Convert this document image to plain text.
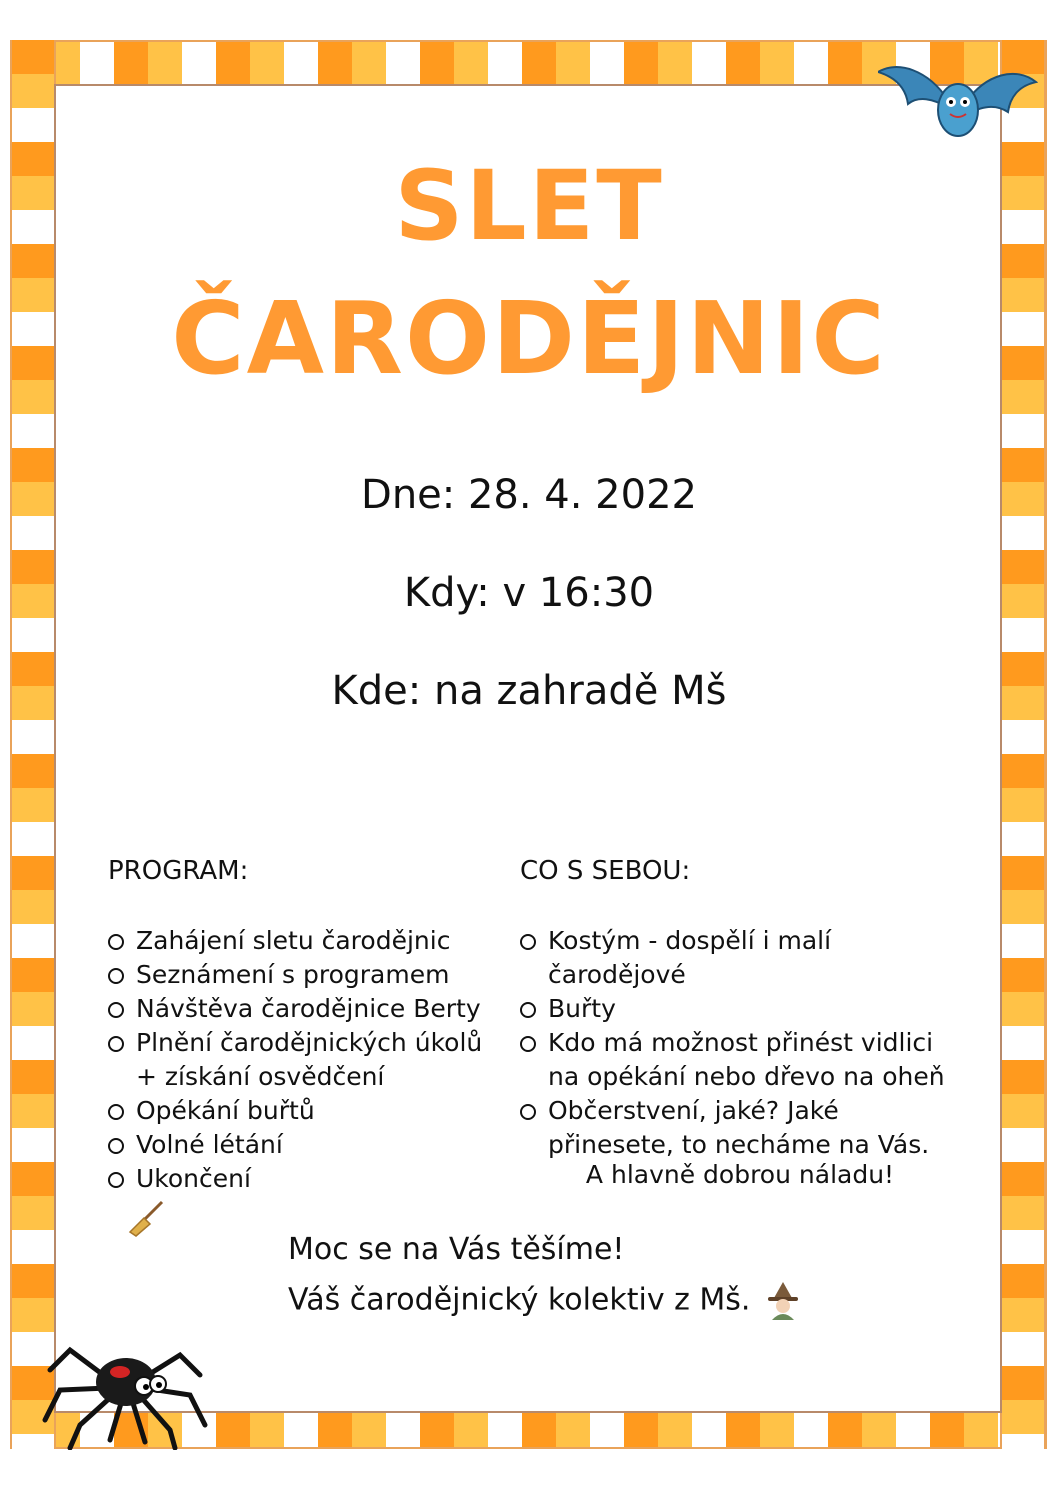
SLET
ČARODĚJNIC
Dne: 28. 4. 2022
Kdy: v 16:30
Kde: na zahradě Mš
PROGRAM:
Zahájení sletu čarodějnic
Seznámení s programem
Návštěva čarodějnice Berty
Plnění čarodějnických úkolů + získání osvědčení
Opékání buřtů
Volné létání
Ukončení
CO S SEBOU:
Kostým - dospělí i malí čarodějové
Buřty
Kdo má možnost přinést vidlici na opékání nebo dřevo na oheň
Občerstvení, jaké? Jaké přinesete, to necháme na Vás.
A hlavně dobrou náladu!
Moc se na Vás těšíme!
Váš čarodějnický kolektiv z Mš.
